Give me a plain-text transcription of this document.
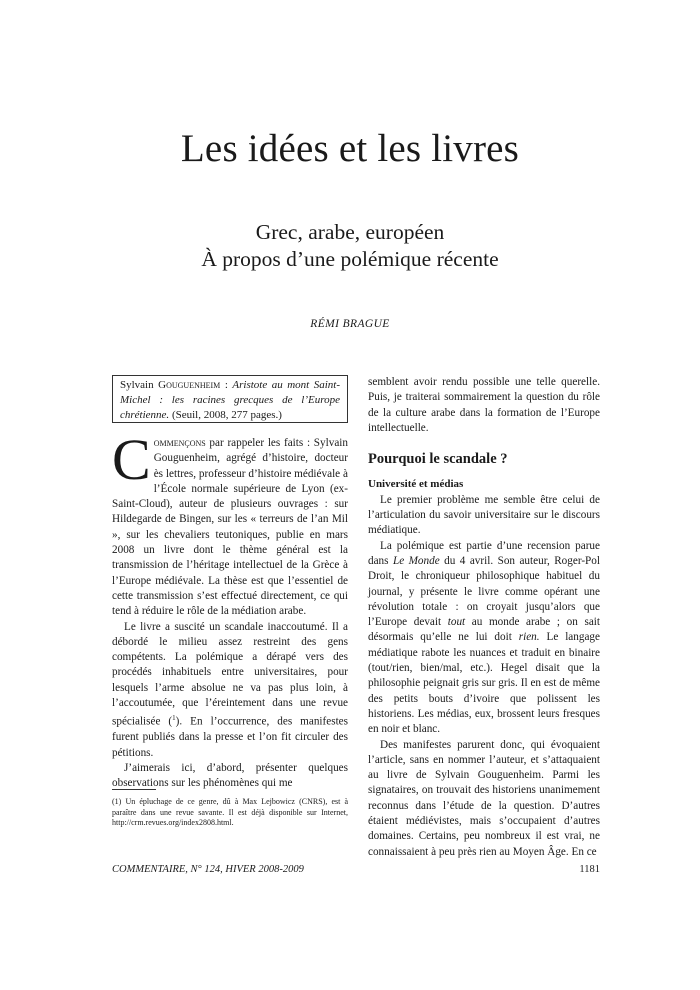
Les idées et les livres
Grec, arabe, européen
À propos d’une polémique récente
RÉMI BRAGUE
Sylvain Gouguenheim : Aristote au mont Saint-Michel : les racines grecques de l’Europe chrétienne. (Seuil, 2008, 277 pages.)

Commençons par rappeler les faits : Sylvain Gouguenheim, agrégé d’histoire, docteur ès lettres, professeur d’histoire médiévale à l’École normale supérieure de Lyon (ex-Saint-Cloud), auteur de plusieurs ouvrages : sur Hildegarde de Bingen, sur les « terreurs de l’an Mil », sur les chevaliers teutoniques, publie en mars 2008 un livre dont le thème général est la transmission de l’héritage intellectuel de la Grèce à l’Europe médiévale. La thèse est que l’essentiel de cette transmission s’est effectué directement, ce qui tend à réduire le rôle de la médiation arabe.

Le livre a suscité un scandale inaccoutumé. Il a débordé le milieu assez restreint des gens compétents. La polémique a dérapé vers des procédés inhabituels entre universitaires, pour lesquels l’arme absolue ne va pas plus loin, à l’accoutumée, que l’éreintement dans une revue spécialisée ($^1$). En l’occurrence, des manifestes furent publiés dans la presse et l’on fit circuler des pétitions.

J’aimerais ici, d’abord, présenter quelques observations sur les phénomènes qui me

(1) Un épluchage de ce genre, dû à Max Lejbowicz (CNRS), est à paraître dans une revue savante. Il est déjà disponible sur Internet, http://crm.revues.org/index2808.html.

semblent avoir rendu possible une telle querelle. Puis, je traiterai sommairement la question du rôle de la culture arabe dans la formation de l’Europe intellectuelle.

Pourquoi le scandale ?
Université et médias

Le premier problème me semble être celui de l’articulation du savoir universitaire sur le discours médiatique.

La polémique est partie d’une recension parue dans Le Monde du 4 avril. Son auteur, Roger-Pol Droit, le chroniqueur philosophique habituel du journal, y présente le livre comme opérant une révolution totale : on croyait jusqu’alors que l’Europe devait tout au monde arabe ; on sait désormais qu’elle ne lui doit rien. Le langage médiatique rabote les nuances et traduit en binaire (tout/rien, bien/mal, etc.). Hegel disait que la philosophie peignait gris sur gris. Il en est de même des petits bouts d’ivoire que polissent les historiens. Les médias, eux, brossent leurs fresques en noir et blanc.

Des manifestes parurent donc, qui évoquaient l’article, sans en nommer l’auteur, et s’attaquaient au livre de Sylvain Gouguenheim. Parmi les signataires, on trouvait des historiens unanimement reconnus dans l’étude de la question. D’autres étaient médiévistes, mais s’occupaient d’autres domaines. Certains, peu nombreux il est vrai, ne connaissaient à peu près rien au Moyen Âge. En ce

COMMENTAIRE, N° 124, HIVER 2008-2009	1181
